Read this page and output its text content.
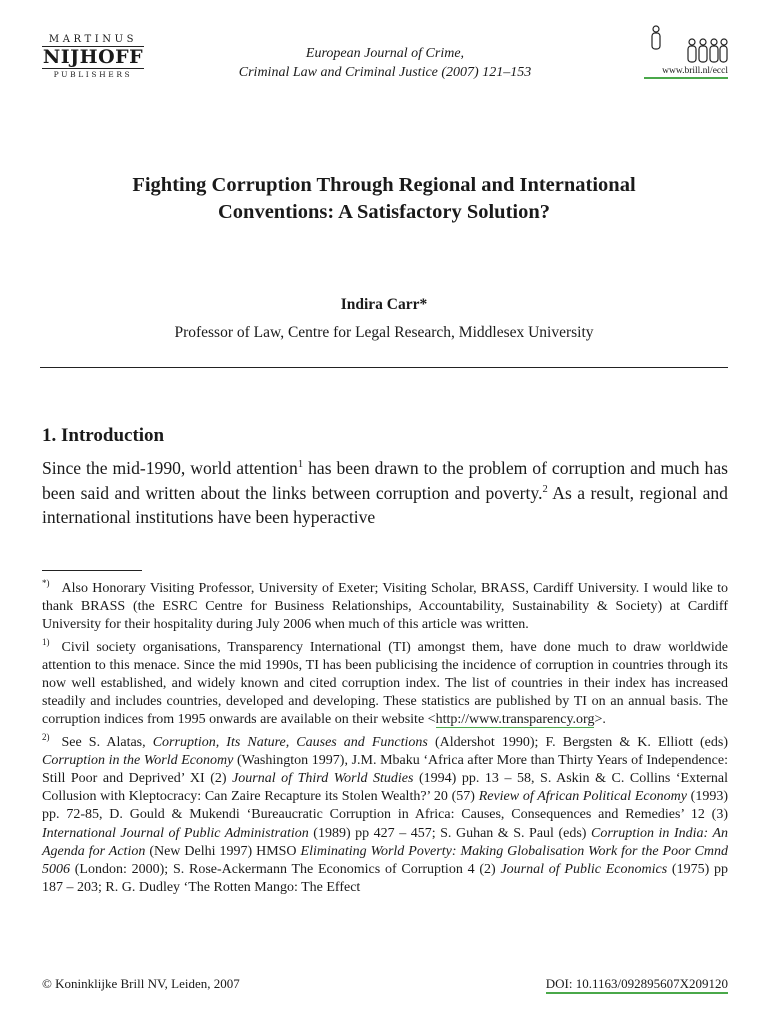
MARTINUS
NIJHOFF
PUBLISHERS
European Journal of Crime,
Criminal Law and Criminal Justice (2007) 121–153	www.brill.nl/eccl
Fighting Corruption Through Regional and International
Conventions: A Satisfactory Solution?
Indira Carr*
Professor of Law, Centre for Legal Research, Middlesex University
1. Introduction

Since the mid-1990, world attention$^1$ has been drawn to the problem of corruption and much has been said and written about the links between corruption and poverty.$^2$ As a result, regional and international institutions have been hyperactive

*) Also Honorary Visiting Professor, University of Exeter; Visiting Scholar, BRASS, Cardiff University. I would like to thank BRASS (the ESRC Centre for Business Relationships, Accountability, Sustainability & Society) at Cardiff University for their hospitality during July 2006 when much of this article was written.

$^{1)}$ Civil society organisations, Transparency International (TI) amongst them, have done much to draw worldwide attention to this menace. Since the mid 1990s, TI has been publicising the incidence of corruption in countries through its now well established, and widely known and cited corruption index. The list of countries in their index has increased steadily and includes countries, developed and developing. These statistics are published by TI on an annual basis. The corruption indices from 1995 onwards are available on their website <http://www.transparency.org>.

$^{2)}$ See S. Alatas, Corruption, Its Nature, Causes and Functions (Aldershot 1990); F. Bergsten & K. Elliott (eds) Corruption in the World Economy (Washington 1997), J.M. Mbaku ‘Africa after More than Thirty Years of Independence: Still Poor and Deprived’ XI (2) Journal of Third World Studies (1994) pp. 13 – 58, S. Askin & C. Collins ‘External Collusion with Kleptocracy: Can Zaire Recapture its Stolen Wealth?’ 20 (57) Review of African Political Economy (1993) pp. 72-85, D. Gould & Mukendi ‘Bureaucratic Corruption in Africa: Causes, Consequences and Remedies’ 12 (3) International Journal of Public Administration (1989) pp 427 – 457; S. Guhan & S. Paul (eds) Corruption in India: An Agenda for Action (New Delhi 1997) HMSO Eliminating World Poverty: Making Globalisation Work for the Poor Cmnd 5006 (London: 2000); S. Rose-Ackermann The Economics of Corruption 4 (2) Journal of Public Economics (1975) pp 187 – 203; R. G. Dudley ‘The Rotten Mango: The Effect

© Koninklijke Brill NV, Leiden, 2007	DOI: 10.1163/092895607X209120
